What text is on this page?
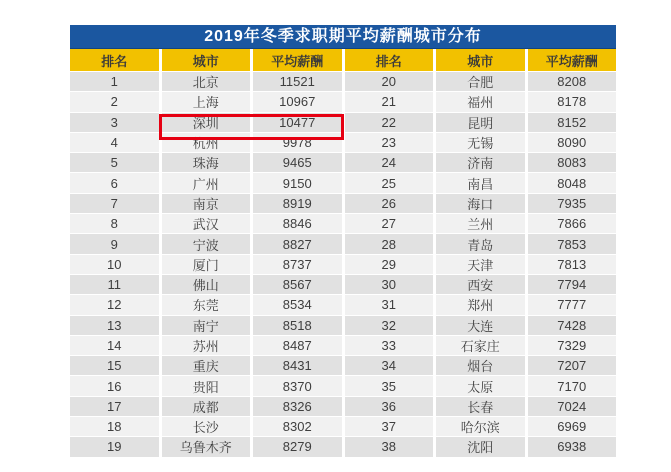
2019年冬季求职期平均薪酬城市分布
排名	城市	平均薪酬	排名	城市	平均薪酬
1	北京	11521	20	合肥	8208
2	上海	10967	21	福州	8178
3	深圳	10477	22	昆明	8152
4	杭州	9978	23	无锡	8090
5	珠海	9465	24	济南	8083
6	广州	9150	25	南昌	8048
7	南京	8919	26	海口	7935
8	武汉	8846	27	兰州	7866
9	宁波	8827	28	青岛	7853
10	厦门	8737	29	天津	7813
11	佛山	8567	30	西安	7794
12	东莞	8534	31	郑州	7777
13	南宁	8518	32	大连	7428
14	苏州	8487	33	石家庄	7329
15	重庆	8431	34	烟台	7207
16	贵阳	8370	35	太原	7170
17	成都	8326	36	长春	7024
18	长沙	8302	37	哈尔滨	6969
19	乌鲁木齐	8279	38	沈阳	6938
